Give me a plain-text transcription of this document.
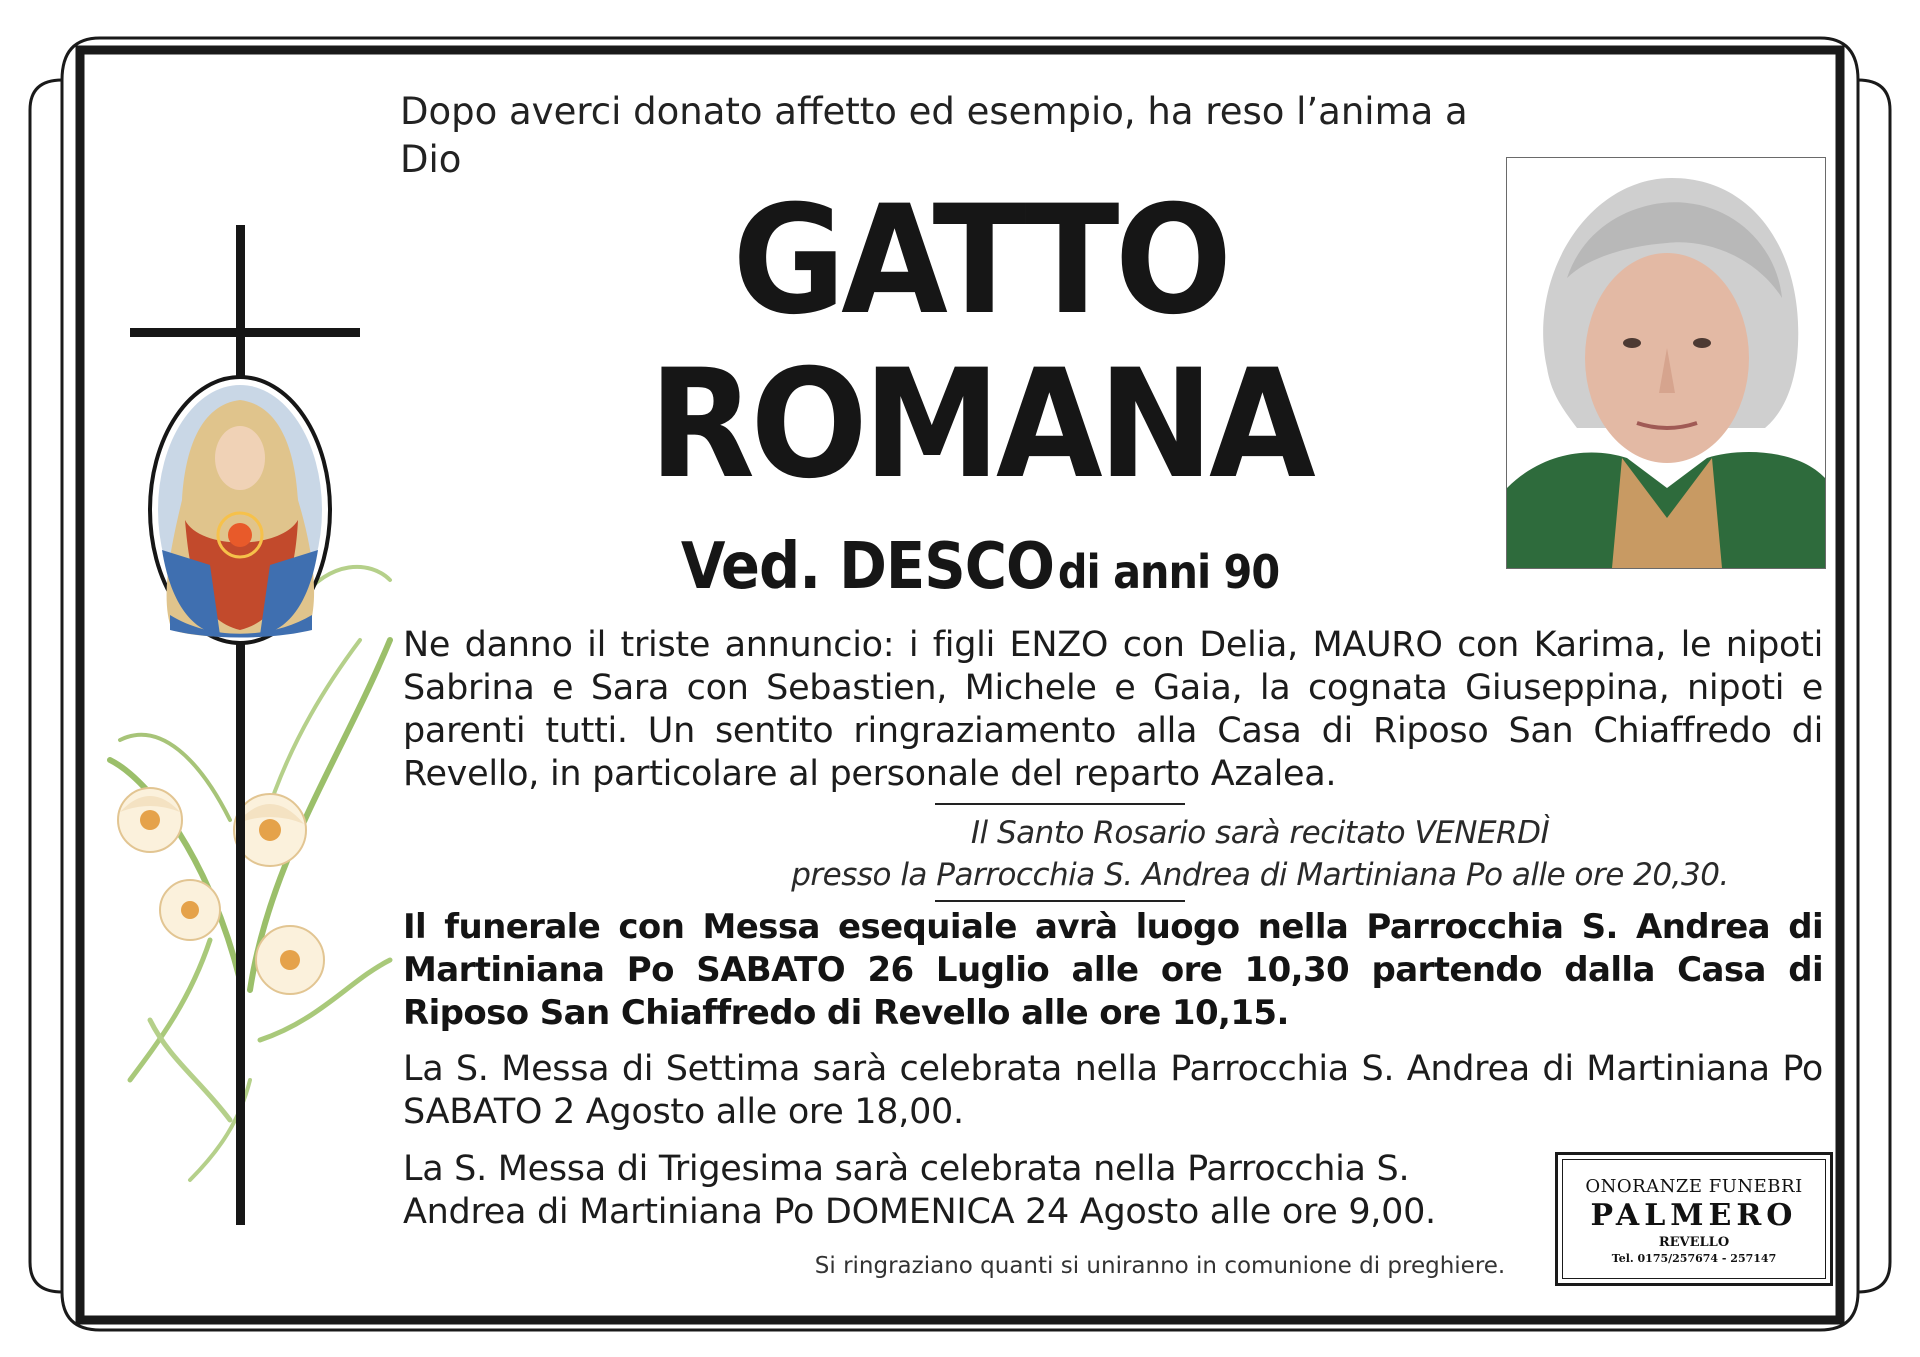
Dopo averci donato affetto ed esempio, ha reso l’anima a Dio
GATTO
ROMANA
Ved. DESCO di anni 90
Ne danno il triste annuncio: i figli ENZO con Delia, MAURO con Karima, le nipoti Sabrina e Sara con Sebastien, Michele e Gaia, la cognata Giuseppina, nipoti e parenti tutti. Un sentito ringraziamento alla Casa di Riposo San Chiaffredo di Revello, in particolare al personale del reparto Azalea.
Il Santo Rosario sarà recitato VENERDÌ
presso la Parrocchia S. Andrea di Martiniana Po alle ore 20,30.
Il funerale con Messa esequiale avrà luogo nella Parrocchia S. Andrea di Martiniana Po SABATO 26 Luglio alle ore 10,30 partendo dalla Casa di Riposo San Chiaffredo di Revello alle ore 10,15.
La S. Messa di Settima sarà celebrata nella Parrocchia S. Andrea di Martiniana Po SABATO 2 Agosto alle ore 18,00.
La S. Messa di Trigesima sarà celebrata nella Parrocchia S. Andrea di Martiniana Po DOMENICA 24 Agosto alle ore 9,00.
Si ringraziano quanti si uniranno in comunione di preghiere.
ONORANZE FUNEBRI
PALMERO
REVELLO
Tel. 0175/257674 - 257147
